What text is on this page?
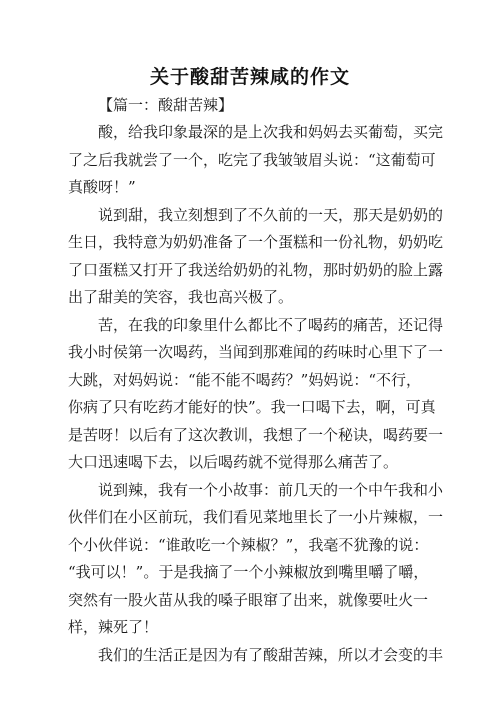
关于酸甜苦辣咸的作文
【篇一：酸甜苦辣】

酸，给我印象最深的是上次我和妈妈去买葡萄，买完
了之后我就尝了一个，吃完了我皱皱眉头说：“这葡萄可
真酸呀！”

说到甜，我立刻想到了不久前的一天，那天是奶奶的
生日，我特意为奶奶准备了一个蛋糕和一份礼物，奶奶吃
了口蛋糕又打开了我送给奶奶的礼物，那时奶奶的脸上露
出了甜美的笑容，我也高兴极了。

苦，在我的印象里什么都比不了喝药的痛苦，还记得
我小时侯第一次喝药，当闻到那难闻的药味时心里下了一
大跳，对妈妈说：“能不能不喝药？”妈妈说：“不行，
你病了只有吃药才能好的快”。我一口喝下去，啊，可真
是苦呀！以后有了这次教训，我想了一个秘诀，喝药要一
大口迅速喝下去，以后喝药就不觉得那么痛苦了。

说到辣，我有一个小故事：前几天的一个中午我和小
伙伴们在小区前玩，我们看见菜地里长了一小片辣椒，一
个小伙伴说：“谁敢吃一个辣椒？”，我毫不犹豫的说：
“我可以！”。于是我摘了一个小辣椒放到嘴里嚼了嚼，
突然有一股火苗从我的嗓子眼窜了出来，就像要吐火一
样，辣死了！

我们的生活正是因为有了酸甜苦辣，所以才会变的丰
